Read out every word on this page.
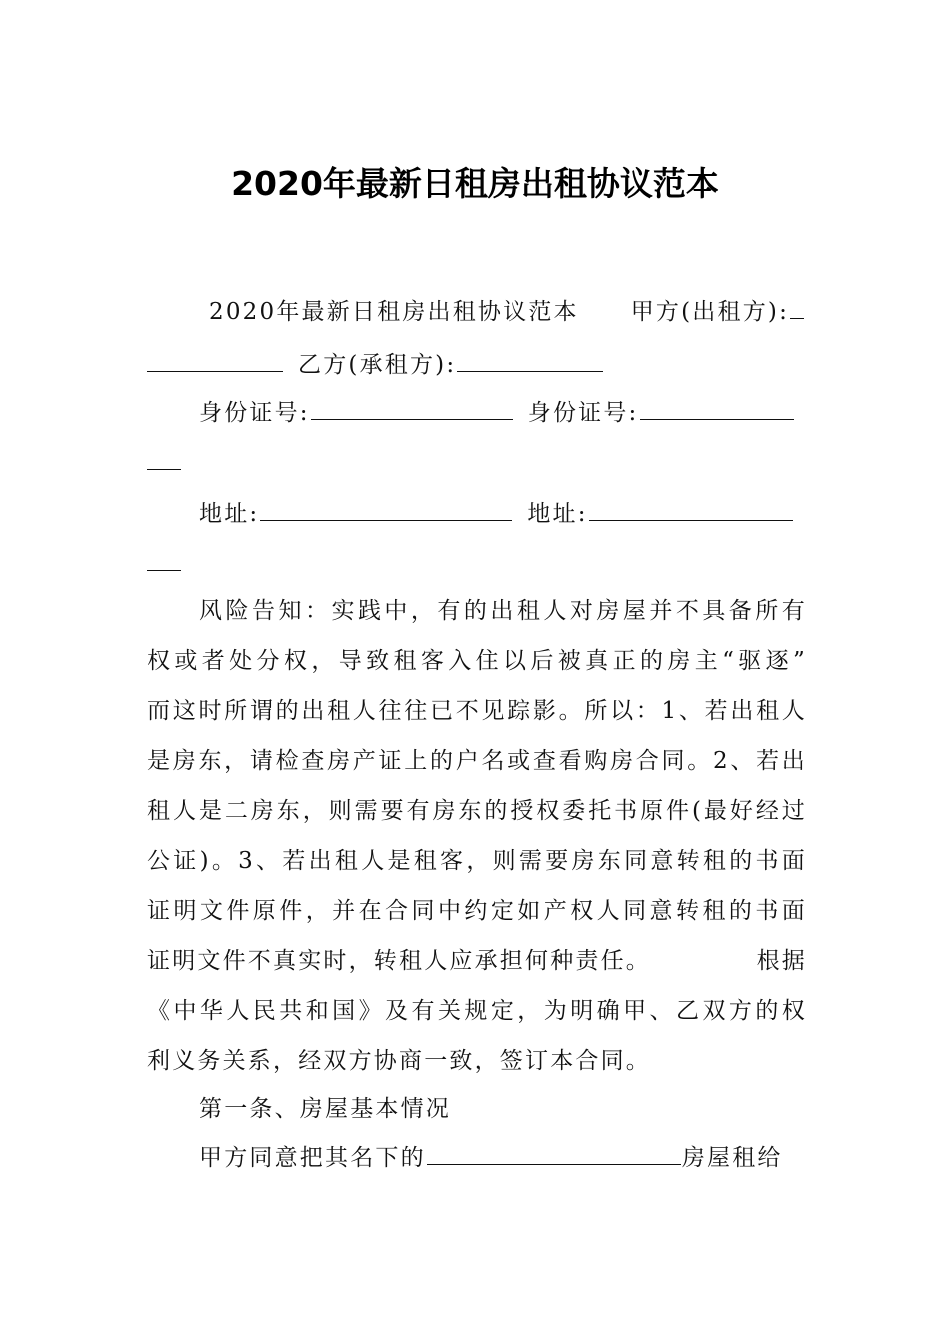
2020年最新日租房出租协议范本
2020年最新日租房出租协议范本 甲方(出租方):
乙方(承租方):
身份证号:	身份证号:
地址:	地址:
风险告知：实践中，有的出租人对房屋并不具备所有
权或者处分权，导致租客入住以后被真正的房主“驱逐”
而这时所谓的出租人往往已不见踪影。所以：1、若出租人
是房东，请检查房产证上的户名或查看购房合同。2、若出
租人是二房东，则需要有房东的授权委托书原件(最好经过
公证)。3、若出租人是租客，则需要房东同意转租的书面
证明文件原件，并在合同中约定如产权人同意转租的书面
证明文件不真实时，转租人应承担何种责任。	根据
《中华人民共和国》及有关规定，为明确甲、乙双方的权
利义务关系，经双方协商一致，签订本合同。
第一条、房屋基本情况
甲方同意把其名下的	房屋租给
